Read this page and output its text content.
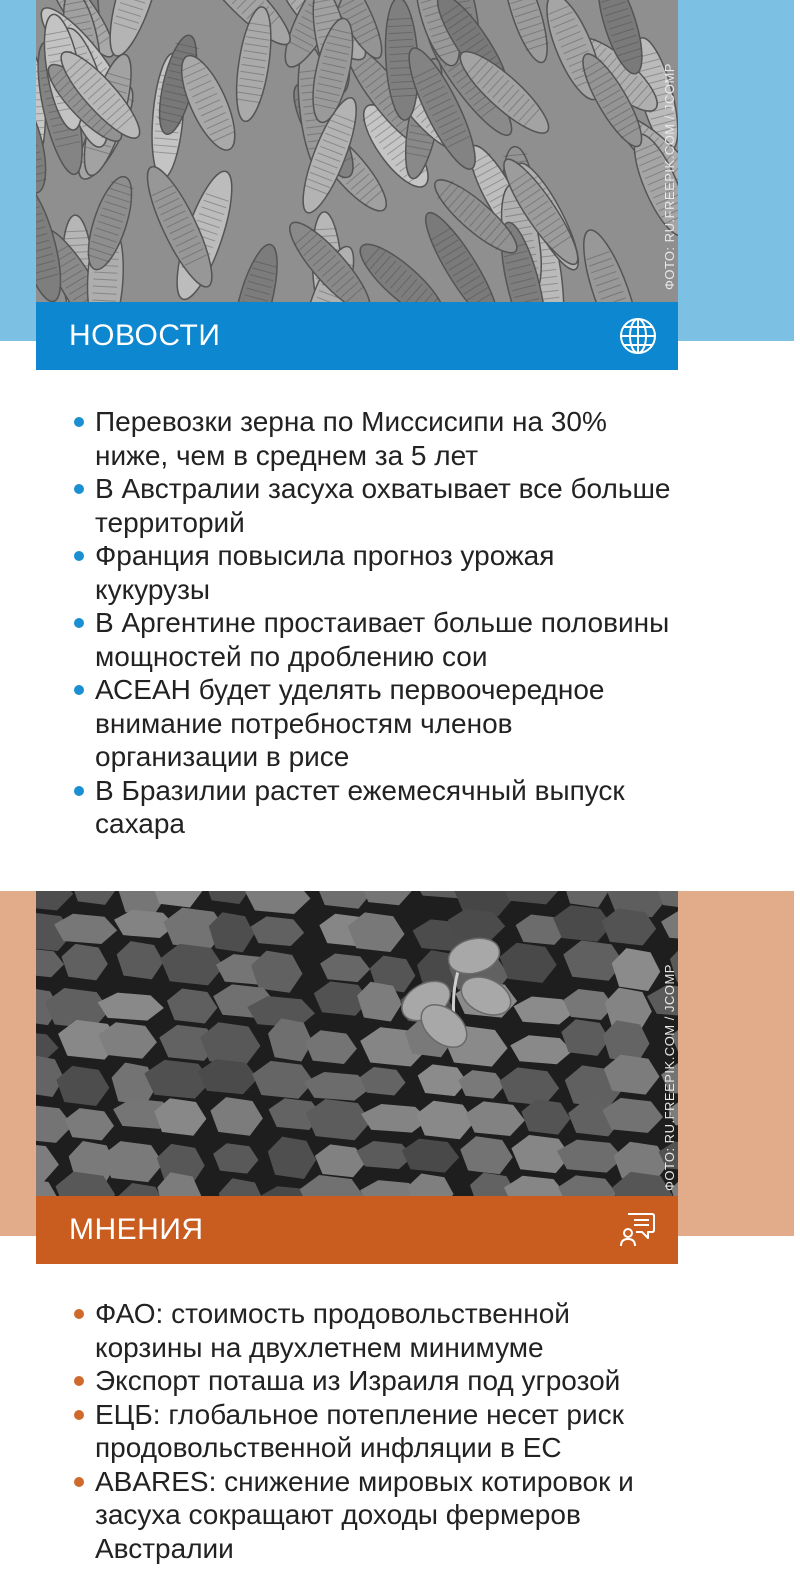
ФОТО: RU.FREEPIK.COM / JCOMP
НОВОСТИ
Перевозки зерна по Миссисипи на 30% ниже, чем в среднем за 5 лет
В Австралии засуха охватывает все больше территорий
Франция повысила прогноз урожая кукурузы
В Аргентине простаивает больше половины мощностей по дроблению сои
АСЕАН будет уделять первоочередное внимание потребностям членов организации в рисе
В Бразилии растет ежемесячный выпуск сахара
ФОТО: RU.FREEPIK.COM / JCOMP
МНЕНИЯ
ФАО: стоимость продовольственной корзины на двухлетнем минимуме
Экспорт поташа из Израиля под угрозой
ЕЦБ: глобальное потепление несет риск продовольственной инфляции в ЕС
ABARES: снижение мировых котировок и засуха сокращают доходы фермеров Австралии
